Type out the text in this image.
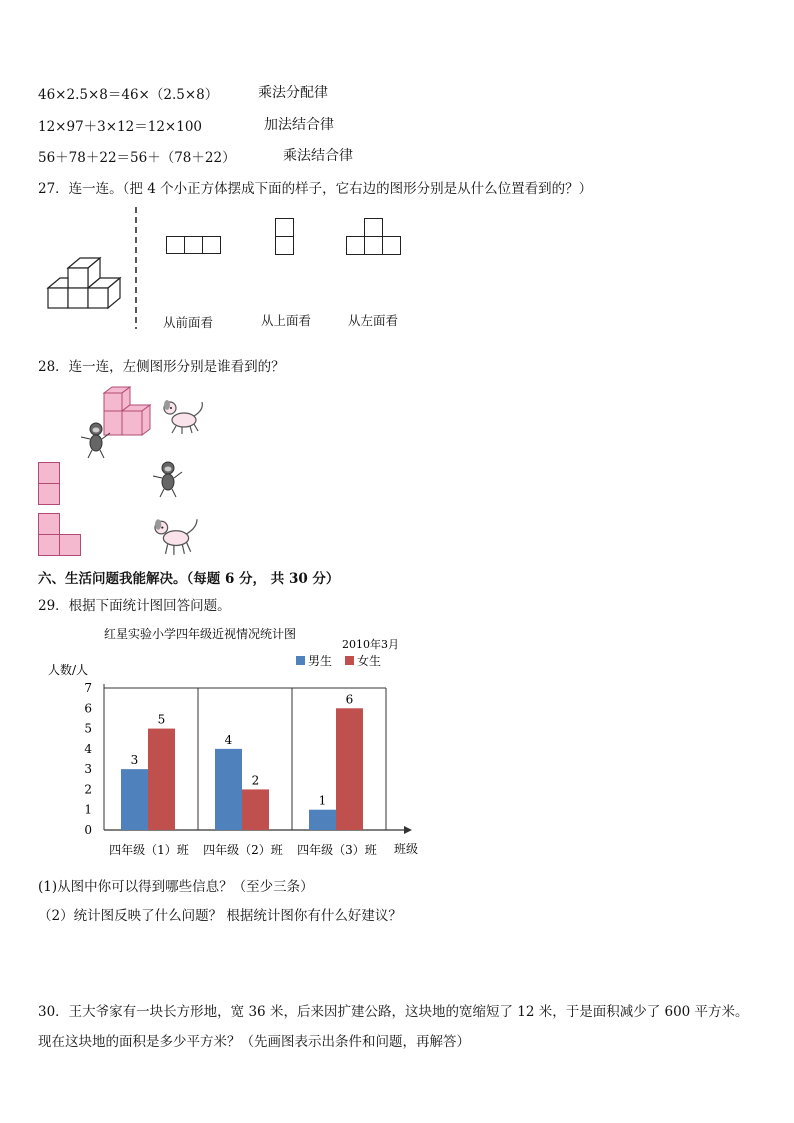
46×2.5×8＝46×（2.5×8）	乘法分配律
12×97＋3×12＝12×100	加法结合律
56＋78＋22＝56＋（78＋22）	乘法结合律
27．连一连。（把 4 个小正方体摆成下面的样子，它右边的图形分别是从什么位置看到的？）
从前面看	从上面看	从左面看
28．连一连，左侧图形分别是谁看到的？
六、生活问题我能解决。（每题 6 分， 共 30 分）
29．根据下面统计图回答问题。
红星实验小学四年级近视情况统计图
2010年3月
男生 女生
人数/人
班级
0
1
2
3
4
5
6
7
3
5
四年级（1）班
4
2
四年级（2）班
1
6
四年级（3）班
(1)从图中你可以得到哪些信息？（至少三条）
（2）统计图反映了什么问题？ 根据统计图你有什么好建议？
30．王大爷家有一块长方形地，宽 36 米，后来因扩建公路，这块地的宽缩短了 12 米，于是面积减少了 600 平方米。
现在这块地的面积是多少平方米？（先画图表示出条件和问题，再解答）
